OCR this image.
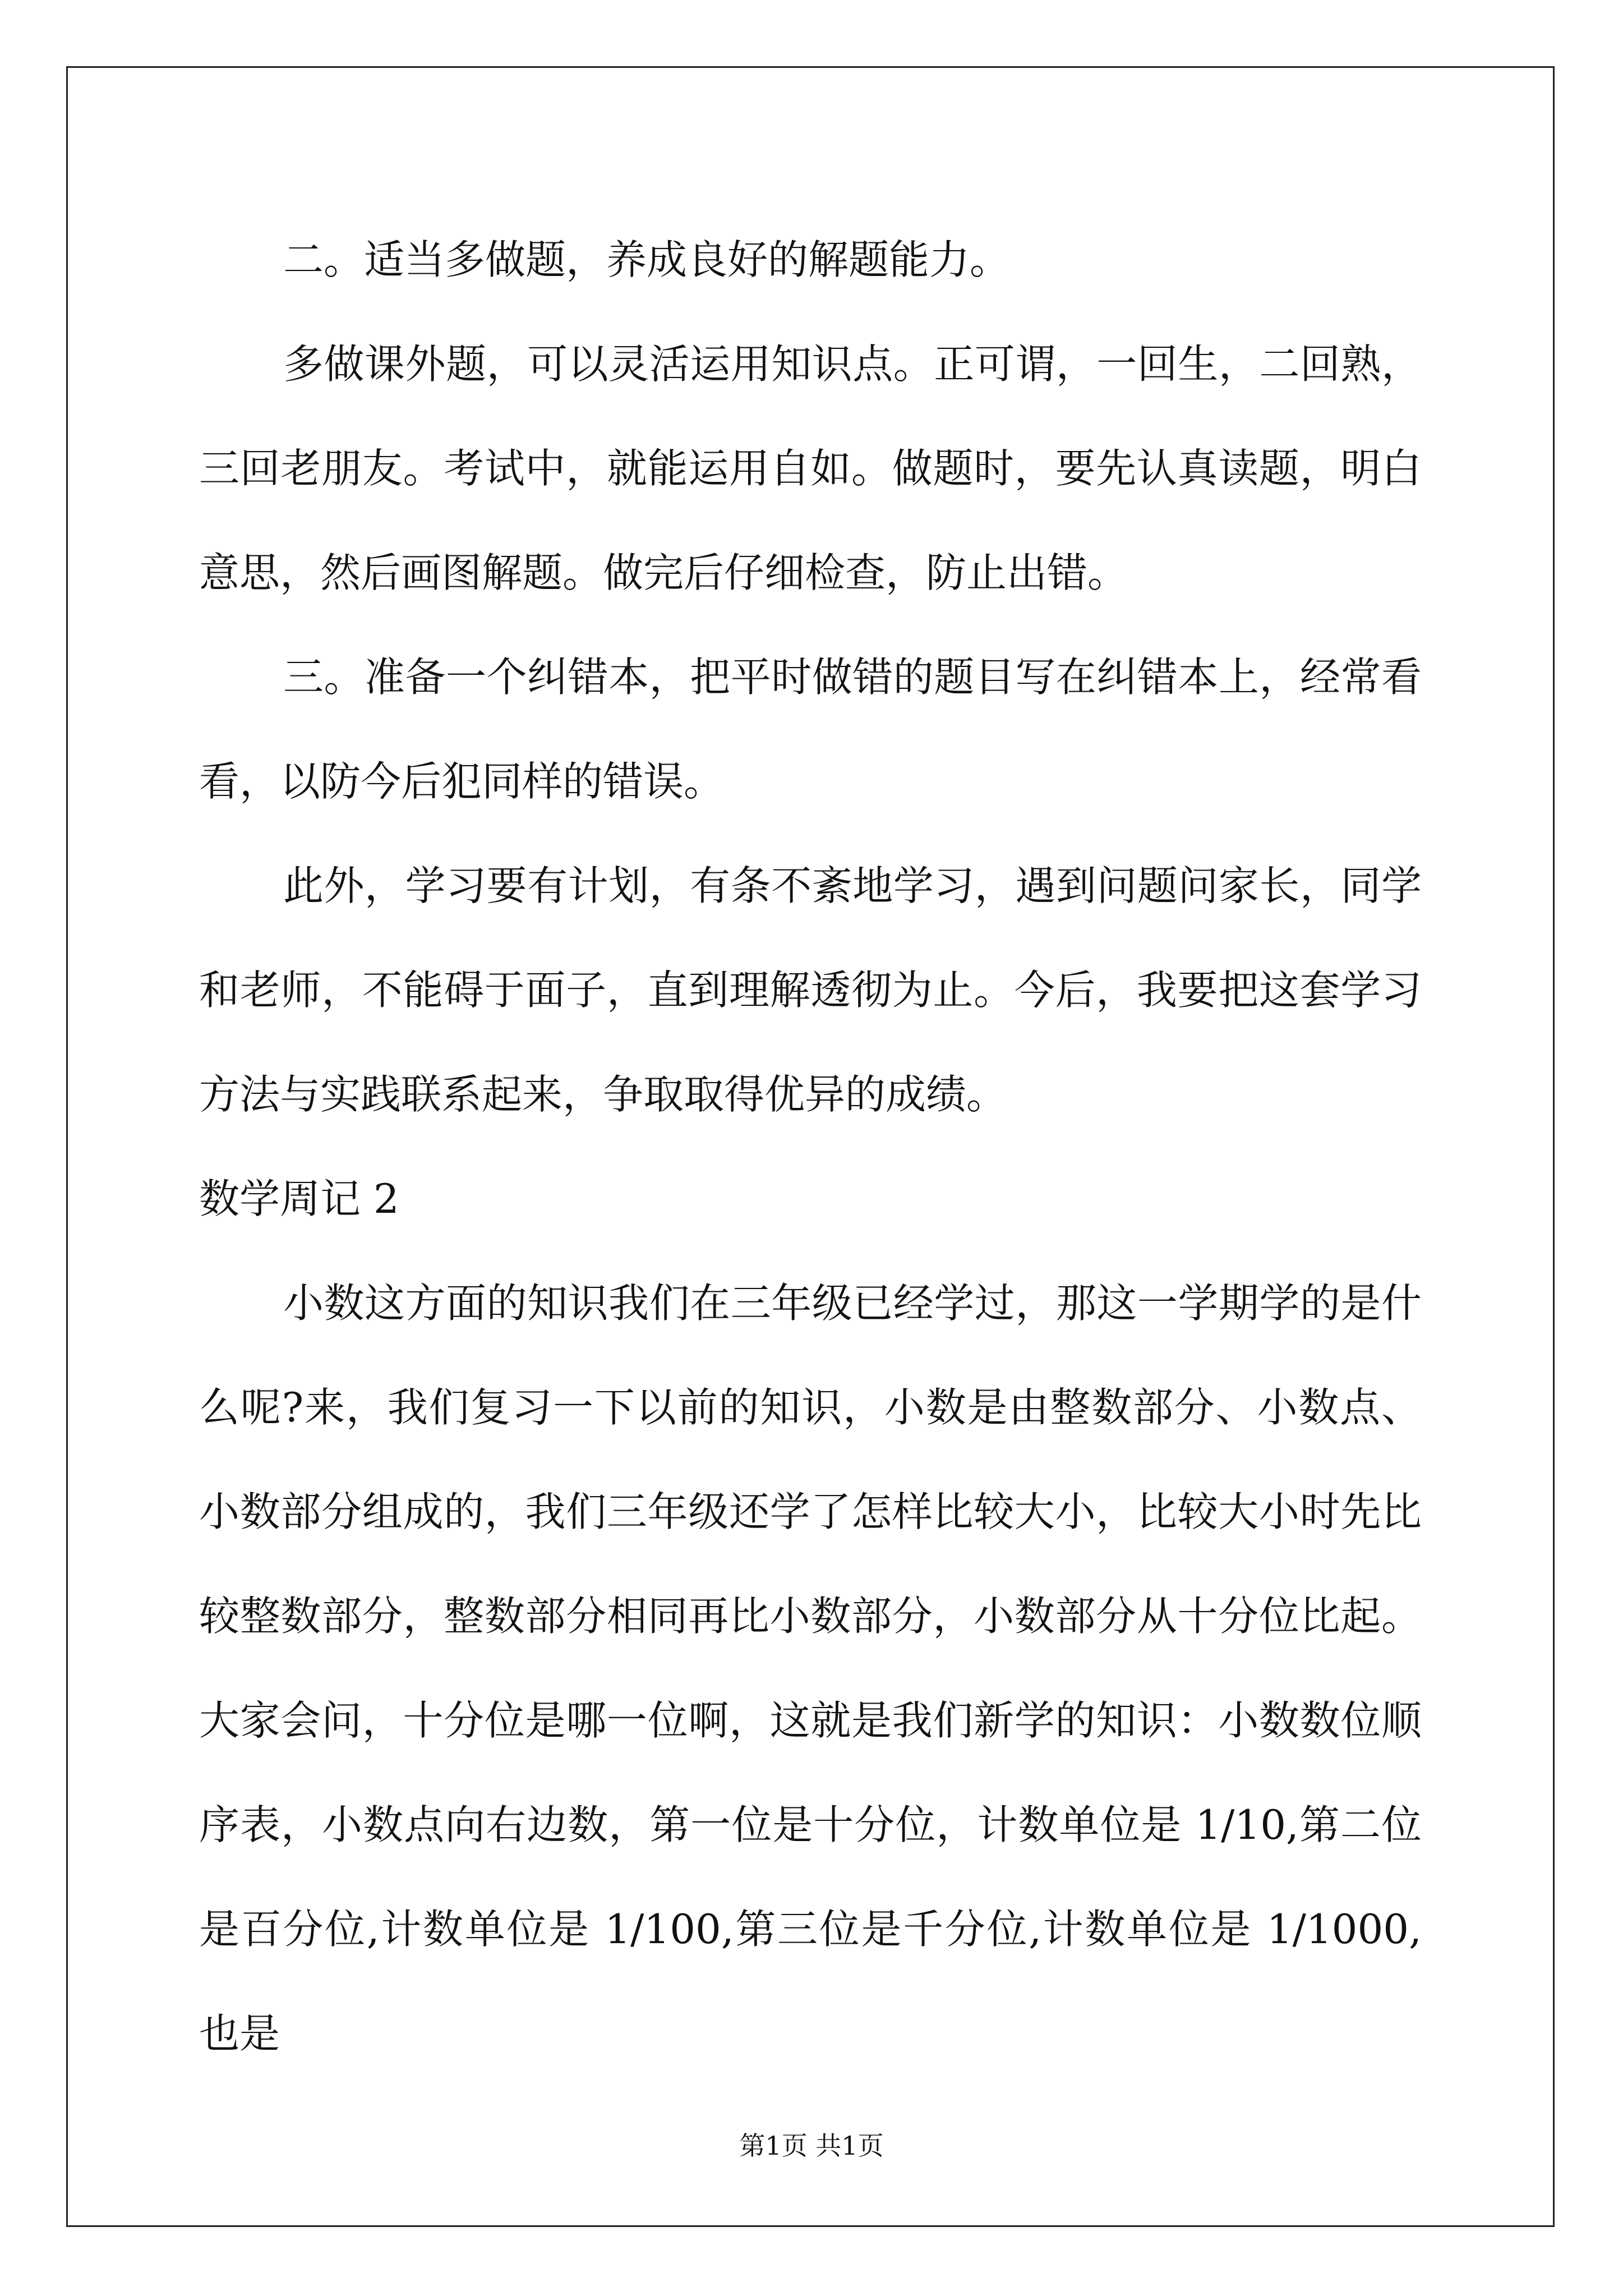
二。适当多做题，养成良好的解题能力。

多做课外题，可以灵活运用知识点。正可谓，一回生，二回熟，三回老朋友。考试中，就能运用自如。做题时，要先认真读题，明白意思，然后画图解题。做完后仔细检查，防止出错。

三。准备一个纠错本，把平时做错的题目写在纠错本上，经常看看，以防今后犯同样的错误。

此外，学习要有计划，有条不紊地学习，遇到问题问家长，同学和老师，不能碍于面子，直到理解透彻为止。今后，我要把这套学习方法与实践联系起来，争取取得优异的成绩。

数学周记 2

小数这方面的知识我们在三年级已经学过，那这一学期学的是什么呢?来，我们复习一下以前的知识，小数是由整数部分、小数点、小数部分组成的，我们三年级还学了怎样比较大小，比较大小时先比较整数部分，整数部分相同再比小数部分，小数部分从十分位比起。大家会问，十分位是哪一位啊，这就是我们新学的知识：小数数位顺序表，小数点向右边数，第一位是十分位，计数单位是 1/10,第二位是百分位,计数单位是 1/100,第三位是千分位,计数单位是 1/1000,也是

第1页 共1页
